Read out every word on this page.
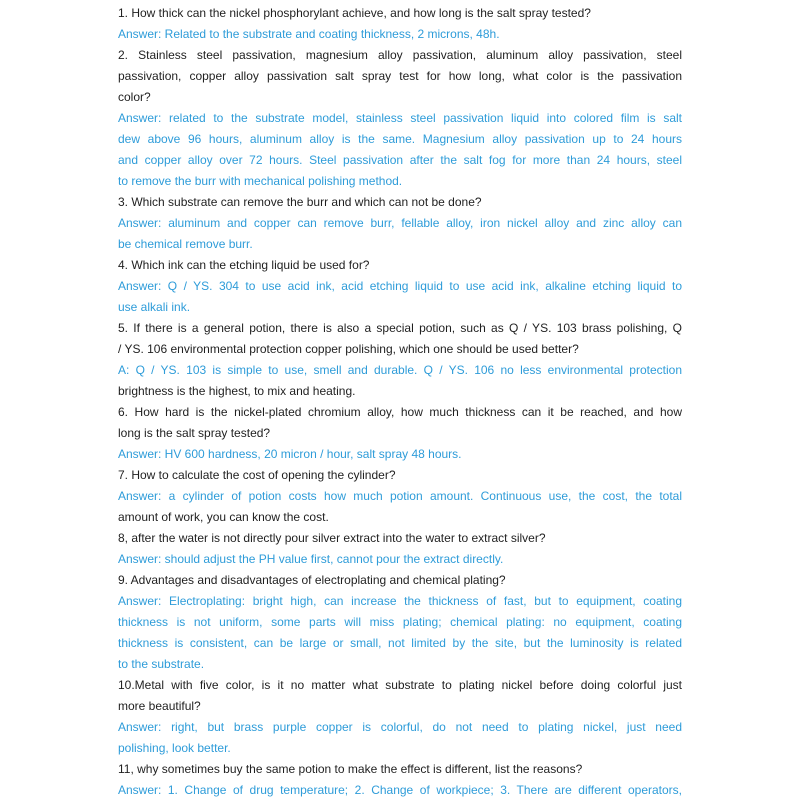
1. How thick can the nickel phosphorylant achieve, and how long is the salt spray tested?
Answer: Related to the substrate and coating thickness, 2 microns, 48h.
2. Stainless steel passivation, magnesium alloy passivation, aluminum alloy passivation, steel
passivation, copper alloy passivation salt spray test for how long, what color is the passivation
color?
Answer: related to the substrate model, stainless steel passivation liquid into colored film is salt
dew above 96 hours, aluminum alloy is the same. Magnesium alloy passivation up to 24 hours
and copper alloy over 72 hours. Steel passivation after the salt fog for more than 24 hours, steel
to remove the burr with mechanical polishing method.
3. Which substrate can remove the burr and which can not be done?
Answer: aluminum and copper can remove burr, fellable alloy, iron nickel alloy and zinc alloy can
be chemical remove burr.
4. Which ink can the etching liquid be used for?
Answer: Q / YS. 304 to use acid ink, acid etching liquid to use acid ink, alkaline etching liquid to
use alkali ink.
5. If there is a general potion, there is also a special potion, such as Q / YS. 103 brass polishing, Q
/ YS. 106 environmental protection copper polishing, which one should be used better?
A: Q / YS. 103 is simple to use, smell and durable. Q / YS. 106 no less environmental protection
brightness is the highest, to mix and heating.
6. How hard is the nickel-plated chromium alloy, how much thickness can it be reached, and how
long is the salt spray tested?
Answer: HV 600 hardness, 20 micron / hour, salt spray 48 hours.
7. How to calculate the cost of opening the cylinder?
Answer: a cylinder of potion costs how much potion amount. Continuous use, the cost, the total
amount of work, you can know the cost.
8, after the water is not directly pour silver extract into the water to extract silver?
Answer: should adjust the PH value first, cannot pour the extract directly.
9. Advantages and disadvantages of electroplating and chemical plating?
Answer: Electroplating: bright high, can increase the thickness of fast, but to equipment, coating
thickness is not uniform, some parts will miss plating; chemical plating: no equipment, coating
thickness is consistent, can be large or small, not limited by the site, but the luminosity is related
to the substrate.
10.Metal with five color, is it no matter what substrate to plating nickel before doing colorful just
more beautiful?
Answer: right, but brass purple copper is colorful, do not need to plating nickel, just need
polishing, look better.
11, why sometimes buy the same potion to make the effect is different, list the reasons?
Answer: 1. Change of drug temperature; 2. Change of workpiece; 3. There are different operators,
